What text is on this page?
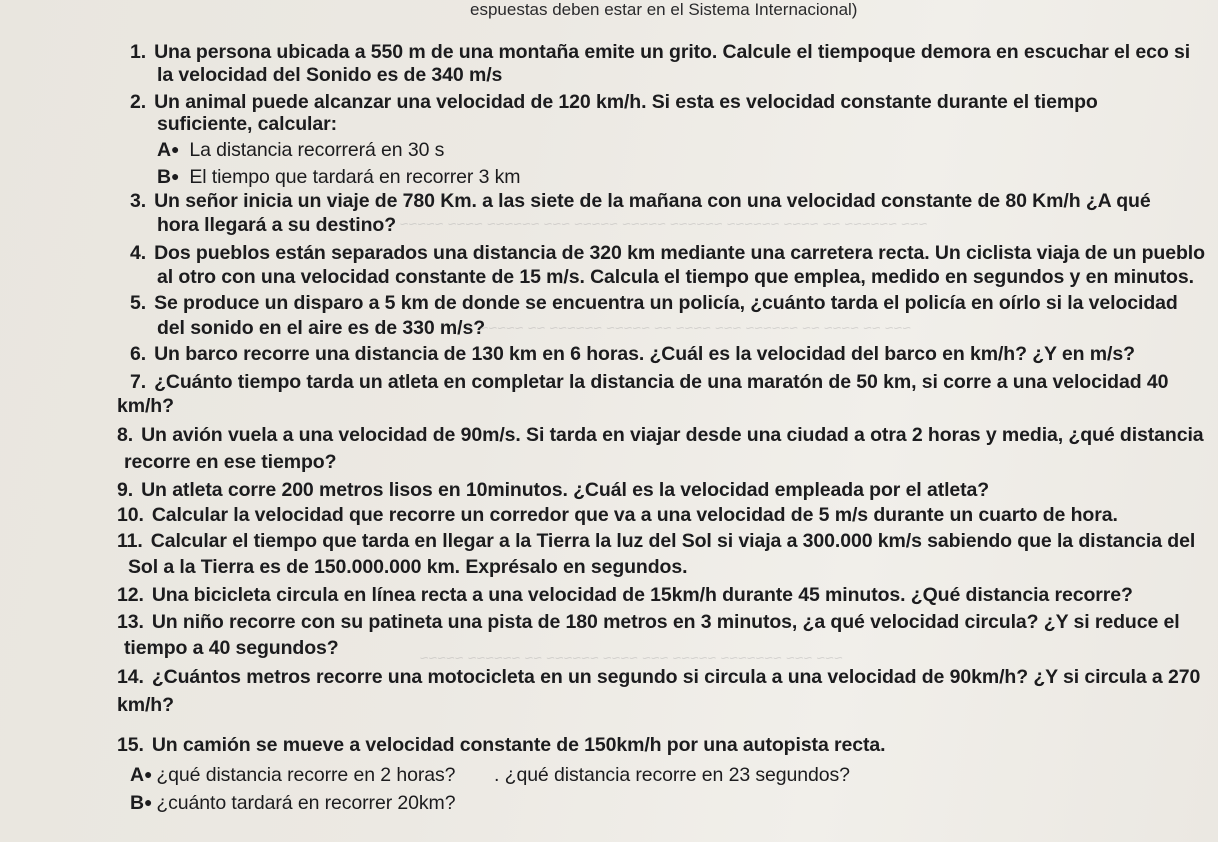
espuestas deben estar en el Sistema Internacional)
1. Una persona ubicada a 550 m de una montaña emite un grito. Calcule el tiempoque demora en escuchar el eco si
la velocidad del Sonido es de 340 m/s
2. Un animal puede alcanzar una velocidad de 120 km/h. Si esta es velocidad constante durante el tiempo
suficiente, calcular:
A● La distancia recorrerá en 30 s
B● El tiempo que tardará en recorrer 3 km
3. Un señor inicia un viaje de 780 Km. a las siete de la mañana con una velocidad constante de 80 Km/h ¿A qué
hora llegará a su destino?
4. Dos pueblos están separados una distancia de 320 km mediante una carretera recta. Un ciclista viaja de un pueblo
al otro con una velocidad constante de 15 m/s. Calcula el tiempo que emplea, medido en segundos y en minutos.
5. Se produce un disparo a 5 km de donde se encuentra un policía, ¿cuánto tarda el policía en oírlo si la velocidad
del sonido en el aire es de 330 m/s?
6. Un barco recorre una distancia de 130 km en 6 horas. ¿Cuál es la velocidad del barco en km/h? ¿Y en m/s?
7. ¿Cuánto tiempo tarda un atleta en completar la distancia de una maratón de 50 km, si corre a una velocidad 40
km/h?
8. Un avión vuela a una velocidad de 90m/s. Si tarda en viajar desde una ciudad a otra 2 horas y media, ¿qué distancia
recorre en ese tiempo?
9. Un atleta corre 200 metros lisos en 10minutos. ¿Cuál es la velocidad empleada por el atleta?
10. Calcular la velocidad que recorre un corredor que va a una velocidad de 5 m/s durante un cuarto de hora.
11. Calcular el tiempo que tarda en llegar a la Tierra la luz del Sol si viaja a 300.000 km/s sabiendo que la distancia del
Sol a la Tierra es de 150.000.000 km. Exprésalo en segundos.
12. Una bicicleta circula en línea recta a una velocidad de 15km/h durante 45 minutos. ¿Qué distancia recorre?
13. Un niño recorre con su patineta una pista de 180 metros en 3 minutos, ¿a qué velocidad circula? ¿Y si reduce el
tiempo a 40 segundos?
14. ¿Cuántos metros recorre una motocicleta en un segundo si circula a una velocidad de 90km/h? ¿Y si circula a 270
km/h?
15. Un camión se mueve a velocidad constante de 150km/h por una autopista recta.
A● ¿qué distancia recorre en 2 horas? . ¿qué distancia recorre en 23 segundos?
B● ¿cuánto tardará en recorrer 20km?
~~~ ~~~~~~ ~~ ~~~~ ~~~~~~ ~~~~~~ ~~~~~ ~~~~~ ~~~ ~~~~~~ ~~~~ ~~~~~
~~~ ~~ ~~~~ ~~ ~~~~~~ ~~~ ~~~~ ~~ ~~~~~ ~~~~~~ ~~ ~~~~~
~~~ ~~~ ~~~~~~~ ~~~~~ ~~~ ~~~~ ~~~~~~ ~~ ~~~~~~ ~~~~~
